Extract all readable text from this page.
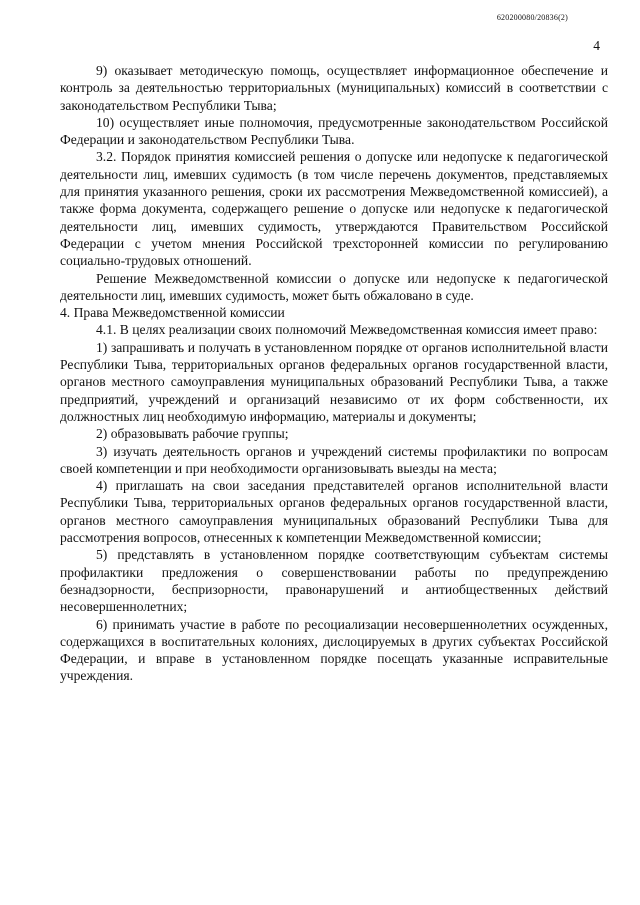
620200080/20836(2)
4

9) оказывает методическую помощь, осуществляет информационное обеспечение и контроль за деятельностью территориальных (муниципальных) комиссий в соответствии с законодательством Республики Тыва;

10) осуществляет иные полномочия, предусмотренные законодательством Российской Федерации и законодательством Республики Тыва.

3.2. Порядок принятия комиссией решения о допуске или недопуске к педагогической деятельности лиц, имевших судимость (в том числе перечень документов, представляемых для принятия указанного решения, сроки их рассмотрения Межведомственной комиссией), а также форма документа, содержащего решение о допуске или недопуске к педагогической деятельности лиц, имевших судимость, утверждаются Правительством Российской Федерации с учетом мнения Российской трехсторонней комиссии по регулированию социально-трудовых отношений.

Решение Межведомственной комиссии о допуске или недопуске к педагогической деятельности лиц, имевших судимость, может быть обжаловано в суде.

4. Права Межведомственной комиссии

4.1. В целях реализации своих полномочий Межведомственная комиссия имеет право:

1) запрашивать и получать в установленном порядке от органов исполнительной власти Республики Тыва, территориальных органов федеральных органов государственной власти, органов местного самоуправления муниципальных образований Республики Тыва, а также предприятий, учреждений и организаций независимо от их форм собственности, их должностных лиц необходимую информацию, материалы и документы;

2) образовывать рабочие группы;

3) изучать деятельность органов и учреждений системы профилактики по вопросам своей компетенции и при необходимости организовывать выезды на места;

4) приглашать на свои заседания представителей органов исполнительной власти Республики Тыва, территориальных органов федеральных органов государственной власти, органов местного самоуправления муниципальных образований Республики Тыва для рассмотрения вопросов, отнесенных к компетенции Межведомственной комиссии;

5) представлять в установленном порядке соответствующим субъектам системы профилактики предложения о совершенствовании работы по предупреждению безнадзорности, беспризорности, правонарушений и антиобщественных действий несовершеннолетних;

6) принимать участие в работе по ресоциализации несовершеннолетних осужденных, содержащихся в воспитательных колониях, дислоцируемых в других субъектах Российской Федерации, и вправе в установленном порядке посещать указанные исправительные учреждения.
